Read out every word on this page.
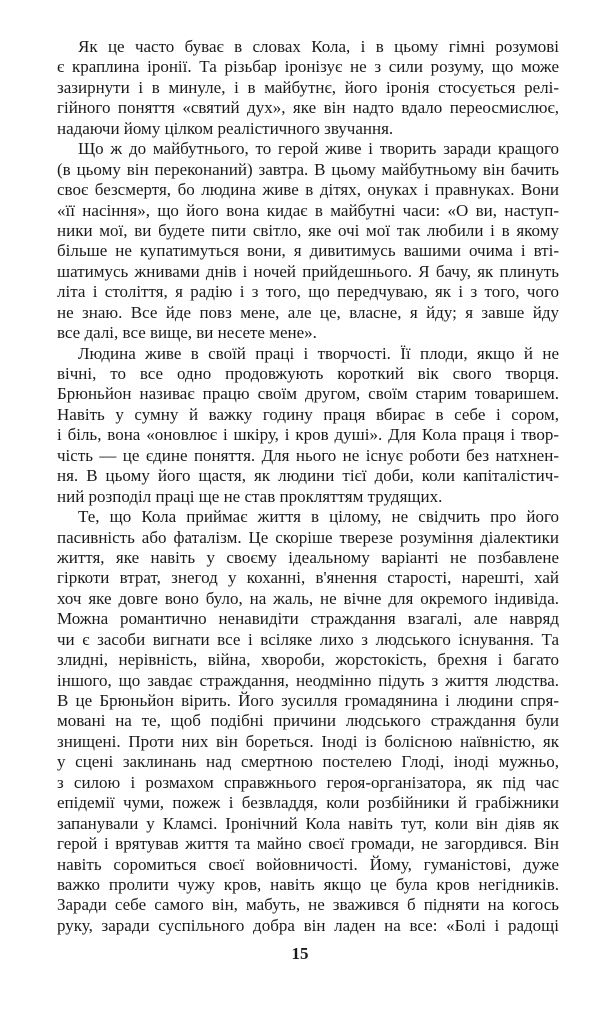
Як це часто буває в словах Кола, і в цьому гімні розумові
є краплина іронії. Та різьбар іронізує не з сили розуму, що може
зазирнути і в минуле, і в майбутнє, його іронія стосується релі-
гійного поняття «святий дух», яке він надто вдало переосмислює,
надаючи йому цілком реалістичного звучання.
Що ж до майбутнього, то герой живе і творить заради кращого
(в цьому він переконаний) завтра. В цьому майбутньому він бачить
своє безсмертя, бо людина живе в дітях, онуках і правнуках. Вони
«її насіння», що його вона кидає в майбутні часи: «О ви, наступ-
ники мої, ви будете пити світло, яке очі мої так любили і в якому
більше не купатимуться вони, я дивитимусь вашими очима і вті-
шатимусь жнивами днів і ночей прийдешнього. Я бачу, як плинуть
літа і століття, я радію і з того, що передчуваю, як і з того, чого
не знаю. Все йде повз мене, але це, власне, я йду; я завше йду
все далі, все вище, ви несете мене».
Людина живе в своїй праці і творчості. Її плоди, якщо й не
вічні, то все одно продовжують короткий вік свого творця.
Брюньйон називає працю своїм другом, своїм старим товаришем.
Навіть у сумну й важку годину праця вбирає в себе і сором,
і біль, вона «оновлює і шкіру, і кров душі». Для Кола праця і твор-
чість — це єдине поняття. Для нього не існує роботи без натхнен-
ня. В цьому його щастя, як людини тієї доби, коли капіталістич-
ний розподіл праці ще не став прокляттям трудящих.
Те, що Кола приймає життя в цілому, не свідчить про його
пасивність або фаталізм. Це скоріше тверезе розуміння діалектики
життя, яке навіть у своєму ідеальному варіанті не позбавлене
гіркоти втрат, знегод у коханні, в'янення старості, нарешті, хай
хоч яке довге воно було, на жаль, не вічне для окремого індивіда.
Можна романтично ненавидіти страждання взагалі, але навряд
чи є засоби вигнати все і всіляке лихо з людського існування. Та
злидні, нерівність, війна, хвороби, жорстокість, брехня і багато
іншого, що завдає страждання, неодмінно підуть з життя людства.
В це Брюньйон вірить. Його зусилля громадянина і людини спря-
мовані на те, щоб подібні причини людського страждання були
знищені. Проти них він бореться. Іноді із болісною наївністю, як
у сцені заклинань над смертною постелею Глоді, іноді мужньо,
з силою і розмахом справжнього героя-організатора, як під час
епідемії чуми, пожеж і безвладдя, коли розбійники й грабіжники
запанували у Кламсі. Іронічний Кола навіть тут, коли він діяв як
герой і врятував життя та майно своєї громади, не загордився. Він
навіть соромиться своєї войовничості. Йому, гуманістові, дуже
важко пролити чужу кров, навіть якщо це була кров негідників.
Заради себе самого він, мабуть, не зважився б підняти на когось
руку, заради суспільного добра він ладен на все: «Болі і радощі
15
